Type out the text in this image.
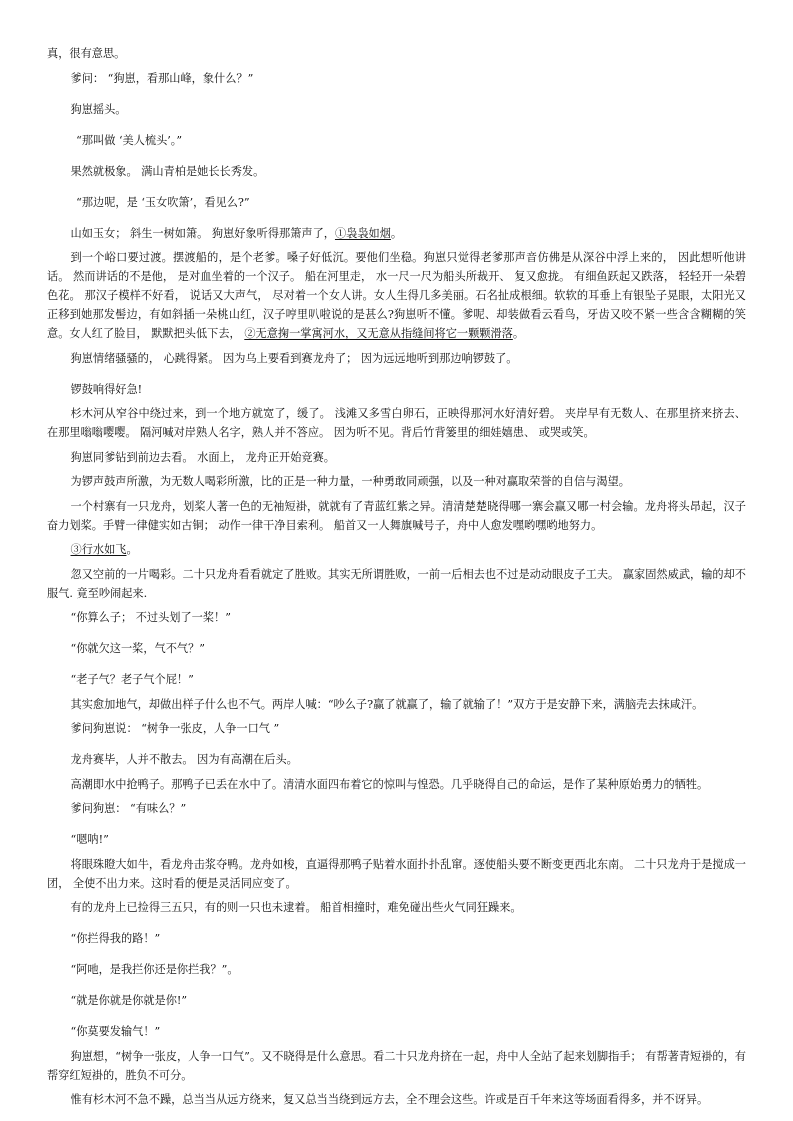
真，很有意思。

爹问： “狗崽，看那山峰，象什么？”

狗崽摇头。

“那叫做 ‘美人梳头’。”

果然就极象。 满山青柏是她长长秀发。

“那边呢，是 ‘玉女吹箫’，看见么?”

山如玉女； 斜生一树如箫。 狗崽好象听得那箫声了，①袅袅如烟。

到一个峪口要过渡。摆渡船的，是个老爹。嗓子好低沉。要他们坐稳。狗崽只觉得老爹那声音仿佛是从深谷中浮上来的， 因此想听他讲话。 然而讲话的不是他， 是对血坐着的一个汉子。 船在河里走， 水一尺一尺为船头所裁开、 复又愈拢。 有细鱼跃起又跌落， 轻轻开一朵碧色花。 那汉子模样不好看， 说话又大声气， 尽对着一个女人讲。女人生得几多美丽。石名扯成根细。软软的耳垂上有银坠子晃眼，太阳光又正移到她那发髻边，有如斜插一朵桃山红，汉子哼里叭啦说的是甚么?狗崽听不懂。爹呢、却装做看云看鸟，牙齿又咬不紧一些含含糊糊的笑意。女人红了脸目， 默默把头低下去， ②无意掬一掌寓河水，又无意从指缝间将它一颗颗滑落。

狗崽情绪骚骚的， 心跳得紧。 因为乌上要看到赛龙舟了； 因为远远地听到那边响锣鼓了。

锣鼓响得好急!

杉木河从窄谷中绕过来，到一个地方就宽了，缓了。 浅滩又多雪白卵石，正映得那河水好清好碧。 夹岸早有无数人、在那里挤来挤去、在那里嗡嗡嘤嘤。 隔河喊对岸熟人名字，熟人并不答应。 因为听不见。背后竹背篓里的细娃嬉患、 或哭或笑。

狗崽同爹钻到前边去看。 水面上， 龙舟正开始竞赛。

为锣声鼓声所激，为无数人喝彩所激，比的正是一种力量，一种勇敢同顽强，以及一种对赢取荣誉的自信与渴望。

一个村寨有一只龙舟，划桨人著一色的无袖短褂，就就有了青蓝红紫之异。清清楚楚晓得哪一寨会赢又哪一村会输。龙舟将头昂起，汉子奋力划桨。手臂一律健实如古铜； 动作一律干净目索利。 船首又一人舞旗喊号子，舟中人愈发嘿哟嘿哟地努力。

③行水如飞。

忽又空前的一片喝彩。二十只龙舟看看就定了胜败。其实无所谓胜败，一前一后相去也不过是动动眼皮子工夫。 赢家固然威武，输的却不服气. 竟至吵闹起来.

“你算么子； 不过头划了一桨！”

“你就欠这一桨，气不气？”

“老子气？老子气个屁！”

其实愈加地气，却做出样子什么也不气。两岸人喊：“吵么子?赢了就赢了，输了就输了！”双方于是安静下来，满脑壳去抹咸汗。

爹问狗崽说： “树争一张皮，人争一口气 ”

龙舟赛毕，人并不散去。 因为有高潮在后头。

高潮即水中抢鸭子。那鸭子已丢在水中了。清清水面四布着它的惊叫与惶恐。几乎晓得自己的命运，是作了某种原始勇力的牺牲。

爹问狗崽： “有味么？”

“嗯呐!”

将眼珠瞪大如牛，看龙舟击浆夺鸭。龙舟如梭，直逼得那鸭子贴着水面扑扑乱窜。逐使船头要不断变更西北东南。 二十只龙舟于是搅成一团， 全使不出力来。这时看的便是灵活同应变了。

有的龙舟上已捡得三五只，有的则一只也未逮着。 船首相撞时，难免碰出些火气同狂躁来。

“你拦得我的路！”

“阿吔，是我拦你还是你拦我？”。

“就是你就是你就是你!”

“你莫要发输气！”

狗崽想，“树争一张皮，人争一口气”。又不晓得是什么意思。看二十只龙舟挤在一起，舟中人全站了起来划脚指手； 有帮著青短褂的，有帮穿红短褂的，胜负不可分。

惟有杉木河不急不躁，总当当从远方绕来，复又总当当绕到远方去，全不理会这些。许或是百千年来这等场面看得多，并不讶异。
